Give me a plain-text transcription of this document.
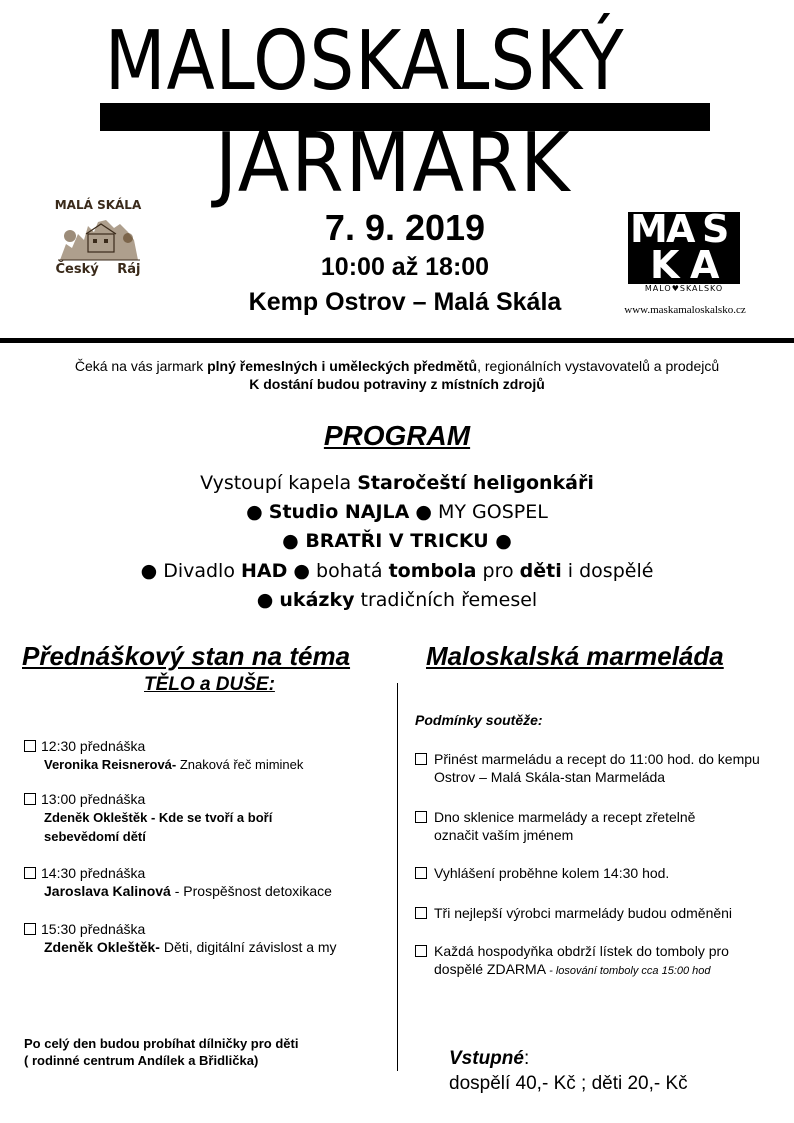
MALOSKALSKÝ
JARMARK
MALÁ SKÁLA
Český Ráj
7. 9. 2019
10:00 až 18:00
Kemp Ostrov – Malá Skála
M
A S
K A
MALO♥SKALSKO
www.maskamaloskalsko.cz
Čeká na vás jarmark plný řemeslných i uměleckých předmětů, regionálních vystavovatelů a prodejců
K dostání budou potraviny z místních zdrojů
PROGRAM
Vystoupí kapela Staročeští heligonkáři
● Studio NAJLA ● MY GOSPEL
● BRATŘI V TRICKU ●
● Divadlo HAD ● bohatá tombola pro děti i dospělé
● ukázky tradičních řemesel
Přednáškový stan na téma
TĚLO a DUŠE:
12:30 přednáška
Veronika Reisnerová- Znaková řeč miminek
13:00 přednáška
Zdeněk Okleštěk - Kde se tvoří a boří sebevědomí dětí
14:30 přednáška
Jaroslava Kalinová - Prospěšnost detoxikace
15:30 přednáška
Zdeněk Okleštěk- Děti, digitální závislost a my
Po celý den budou probíhat dílničky pro děti
( rodinné centrum Andílek a Břidlička)
Maloskalská marmeláda
Podmínky soutěže:
Přinést marmeládu a recept do 11:00 hod. do kempu Ostrov – Malá Skála-stan Marmeláda
Dno sklenice marmelády a recept zřetelně označit vaším jménem
Vyhlášení proběhne kolem 14:30 hod.
Tři nejlepší výrobci marmelády budou odměněni
Každá hospodyňka obdrží lístek do tomboly pro dospělé ZDARMA - losování tomboly cca 15:00 hod
Vstupné:
dospělí 40,- Kč ; děti 20,- Kč
